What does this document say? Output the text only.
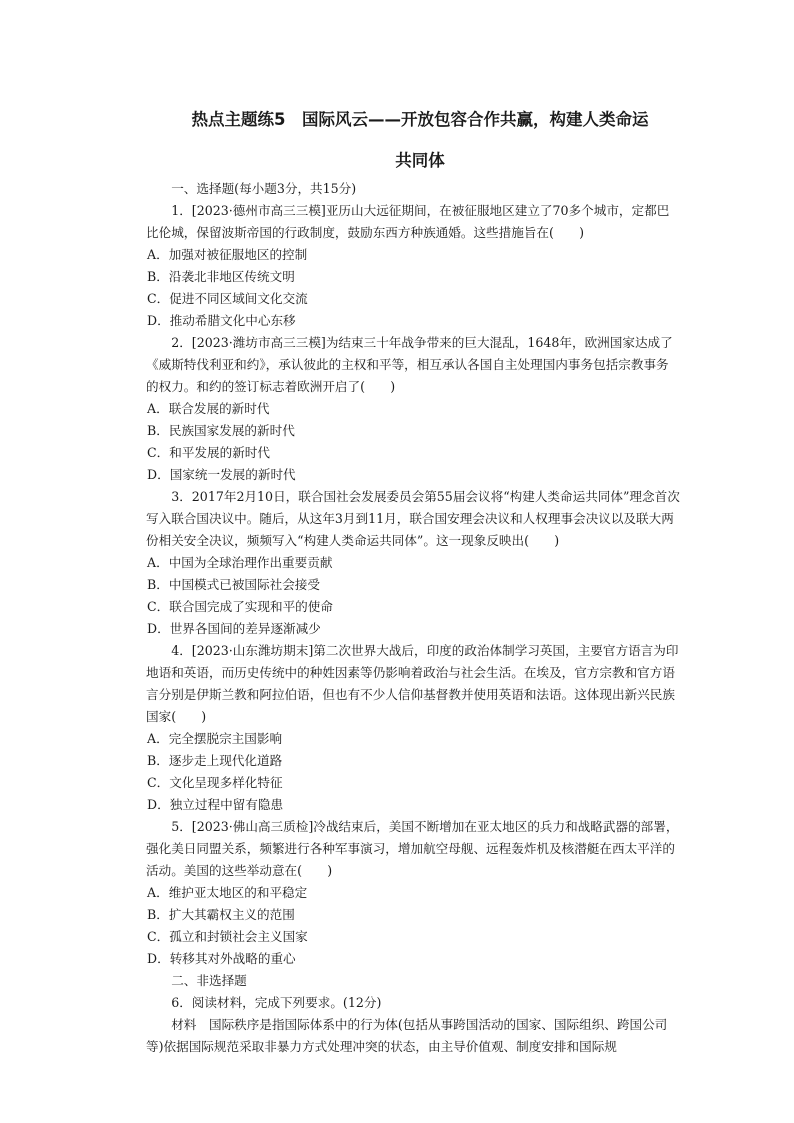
热点主题练5　国际风云——开放包容合作共赢，构建人类命运
共同体

一、选择题(每小题3分，共15分)

1．[2023·德州市高三三模]亚历山大远征期间，在被征服地区建立了70多个城市，定都巴比伦城，保留波斯帝国的行政制度，鼓励东西方种族通婚。这些措施旨在(　　)

A．加强对被征服地区的控制

B．沿袭北非地区传统文明

C．促进不同区域间文化交流

D．推动希腊文化中心东移

2．[2023·潍坊市高三三模]为结束三十年战争带来的巨大混乱，1648年，欧洲国家达成了《威斯特伐利亚和约》，承认彼此的主权和平等，相互承认各国自主处理国内事务包括宗教事务的权力。和约的签订标志着欧洲开启了(　　)

A．联合发展的新时代

B．民族国家发展的新时代

C．和平发展的新时代

D．国家统一发展的新时代

3．2017年2月10日，联合国社会发展委员会第55届会议将“构建人类命运共同体”理念首次写入联合国决议中。随后，从这年3月到11月，联合国安理会决议和人权理事会决议以及联大两份相关安全决议，频频写入“构建人类命运共同体”。这一现象反映出(　　)

A．中国为全球治理作出重要贡献

B．中国模式已被国际社会接受

C．联合国完成了实现和平的使命

D．世界各国间的差异逐渐减少

4．[2023·山东潍坊期末]第二次世界大战后，印度的政治体制学习英国，主要官方语言为印地语和英语，而历史传统中的种姓因素等仍影响着政治与社会生活。在埃及，官方宗教和官方语言分别是伊斯兰教和阿拉伯语，但也有不少人信仰基督教并使用英语和法语。这体现出新兴民族国家(　　)

A．完全摆脱宗主国影响

B．逐步走上现代化道路

C．文化呈现多样化特征

D．独立过程中留有隐患

5．[2023·佛山高三质检]冷战结束后，美国不断增加在亚太地区的兵力和战略武器的部署，强化美日同盟关系，频繁进行各种军事演习，增加航空母舰、远程轰炸机及核潜艇在西太平洋的活动。美国的这些举动意在(　　)

A．维护亚太地区的和平稳定

B．扩大其霸权主义的范围

C．孤立和封锁社会主义国家

D．转移其对外战略的重心

二、非选择题

6．阅读材料，完成下列要求。(12分)

材料　国际秩序是指国际体系中的行为体(包括从事跨国活动的国家、国际组织、跨国公司等)依据国际规范采取非暴力方式处理冲突的状态，由主导价值观、制度安排和国际规
